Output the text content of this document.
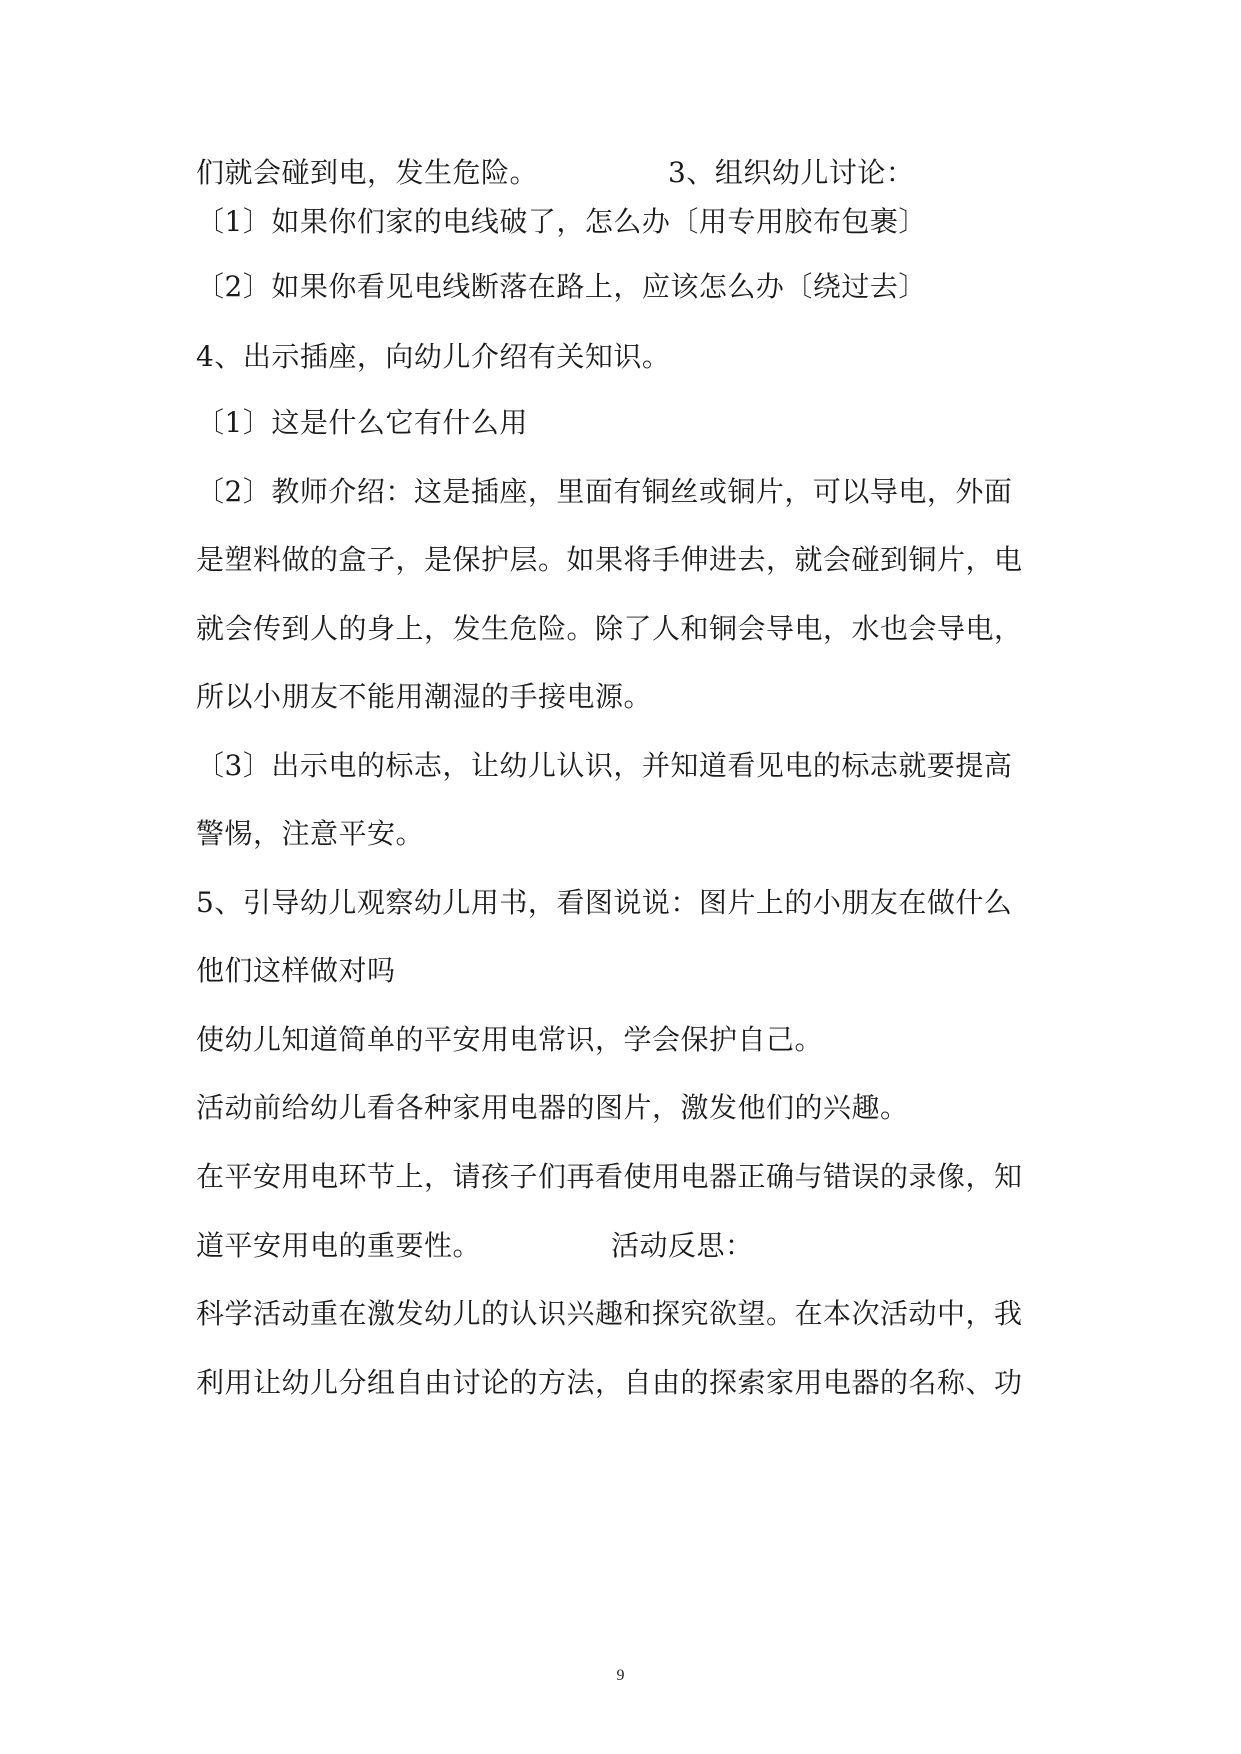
们就会碰到电，发生危险。	3、组织幼儿讨论：
〔1〕如果你们家的电线破了，怎么办〔用专用胶布包裹〕
〔2〕如果你看见电线断落在路上，应该怎么办〔绕过去〕
4、出示插座，向幼儿介绍有关知识。
〔1〕这是什么它有什么用
〔2〕教师介绍：这是插座，里面有铜丝或铜片，可以导电，外面
是塑料做的盒子，是保护层。如果将手伸进去，就会碰到铜片，电
就会传到人的身上，发生危险。除了人和铜会导电，水也会导电，
所以小朋友不能用潮湿的手接电源。
〔3〕出示电的标志，让幼儿认识，并知道看见电的标志就要提高
警惕，注意平安。
5、引导幼儿观察幼儿用书，看图说说：图片上的小朋友在做什么
他们这样做对吗
使幼儿知道简单的平安用电常识，学会保护自己。
活动前给幼儿看各种家用电器的图片，激发他们的兴趣。
在平安用电环节上，请孩子们再看使用电器正确与错误的录像，知
道平安用电的重要性。	活动反思：
科学活动重在激发幼儿的认识兴趣和探究欲望。在本次活动中，我
利用让幼儿分组自由讨论的方法，自由的探索家用电器的名称、功
9
